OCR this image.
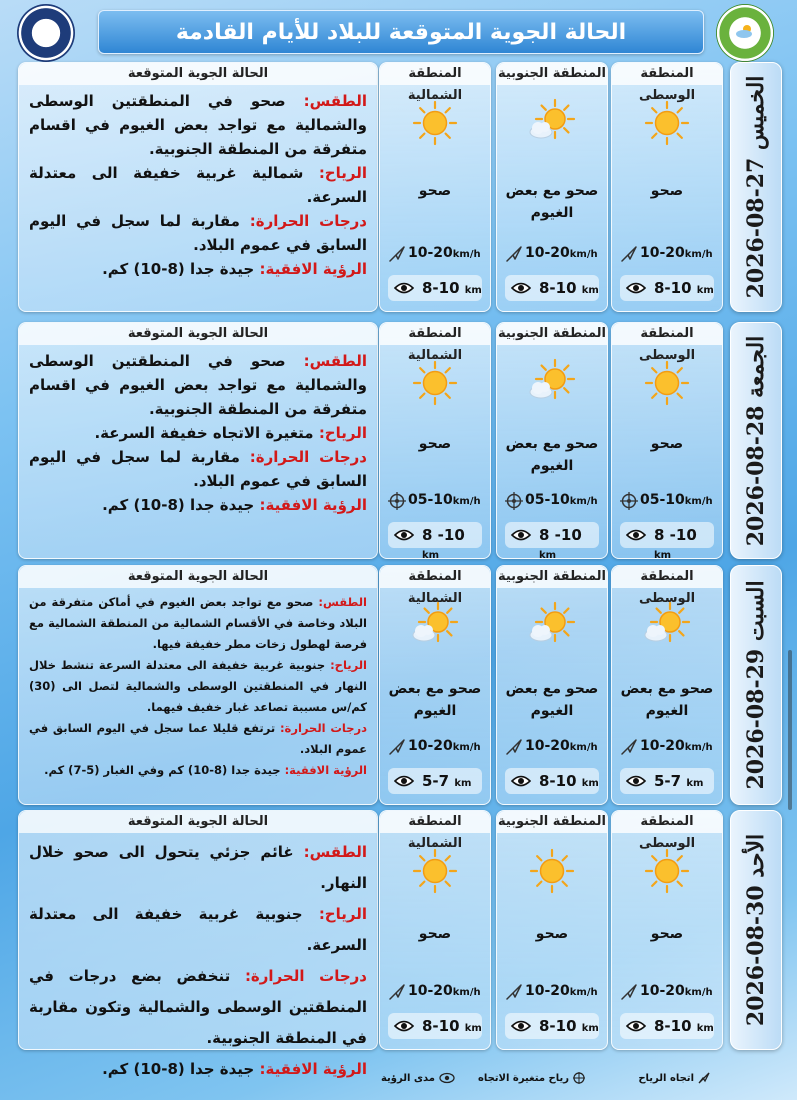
الحالة الجوية المتوقعة للبلاد للأيام القادمة
الحالة الجوية المتوقعة
الطقس: صحو في المنطقتين الوسطى والشمالية مع تواجد بعض الغيوم في اقسام متفرقة من المنطقة الجنوبية.
الرياح: شمالية غربية خفيفة الى معتدلة السرعة.
درجات الحرارة: مقاربة لما سجل في اليوم السابق في عموم البلاد.
الرؤية الافقية: جيدة جدا (8-10) كم.
المنطقة الوسطى
صحو
10-20km/h
8-10 km
المنطقة الجنوبية
صحو مع بعض الغيوم
10-20km/h
8-10 km
المنطقة الشمالية
صحو
10-20km/h
8-10 km
الحالة الجوية المتوقعة
الطقس: صحو في المنطقتين الوسطى والشمالية مع تواجد بعض الغيوم في اقسام متفرقة من المنطقة الجنوبية.
الرياح: متغيرة الاتجاه خفيفة السرعة.
درجات الحرارة: مقاربة لما سجل في اليوم السابق في عموم البلاد.
الرؤية الافقية: جيدة جدا (8-10) كم.
المنطقة الوسطى
صحو
05-10km/h
8 -10 km
المنطقة الجنوبية
صحو مع بعض الغيوم
05-10km/h
8 -10 km
المنطقة الشمالية
صحو
05-10km/h
8 -10 km
الحالة الجوية المتوقعة
الطقس: صحو مع تواجد بعض الغيوم في أماكن متفرقة من البلاد وخاصة في الأقسام الشمالية من المنطقة الشمالية مع فرصة لهطول زخات مطر خفيفة فيها.
الرياح: جنوبية غربية خفيفة الى معتدلة السرعة تنشط خلال النهار في المنطقتين الوسطى والشمالية لتصل الى (30) كم/س مسببة تصاعد غبار خفيف فيهما.
درجات الحرارة: ترتفع قليلا عما سجل في اليوم السابق في عموم البلاد.
الرؤية الافقية: جيدة جدا (8-10) كم وفي الغبار (5-7) كم.
المنطقة الوسطى
صحو مع بعض الغيوم
10-20km/h
5-7 km
المنطقة الجنوبية
صحو مع بعض الغيوم
10-20km/h
8-10 km
المنطقة الشمالية
صحو مع بعض الغيوم
10-20km/h
5-7 km
الحالة الجوية المتوقعة
الطقس: غائم جزئي يتحول الى صحو خلال النهار.
الرياح: جنوبية غربية خفيفة الى معتدلة السرعة.
درجات الحرارة: تنخفض بضع درجات في المنطقتين الوسطى والشمالية وتكون مقاربة في المنطقة الجنوبية.
الرؤية الافقية: جيدة جدا (8-10) كم.
المنطقة الوسطى
صحو
10-20km/h
8-10 km
المنطقة الجنوبية
صحو
10-20km/h
8-10 km
المنطقة الشمالية
صحو
10-20km/h
8-10 km
اتجاه الرياح
رياح متغيرة الاتجاه
مدى الرؤية
الخميس 27-08-2026
الجمعة 28-08-2026
السبت 29-08-2026
الأحد 30-08-2026
